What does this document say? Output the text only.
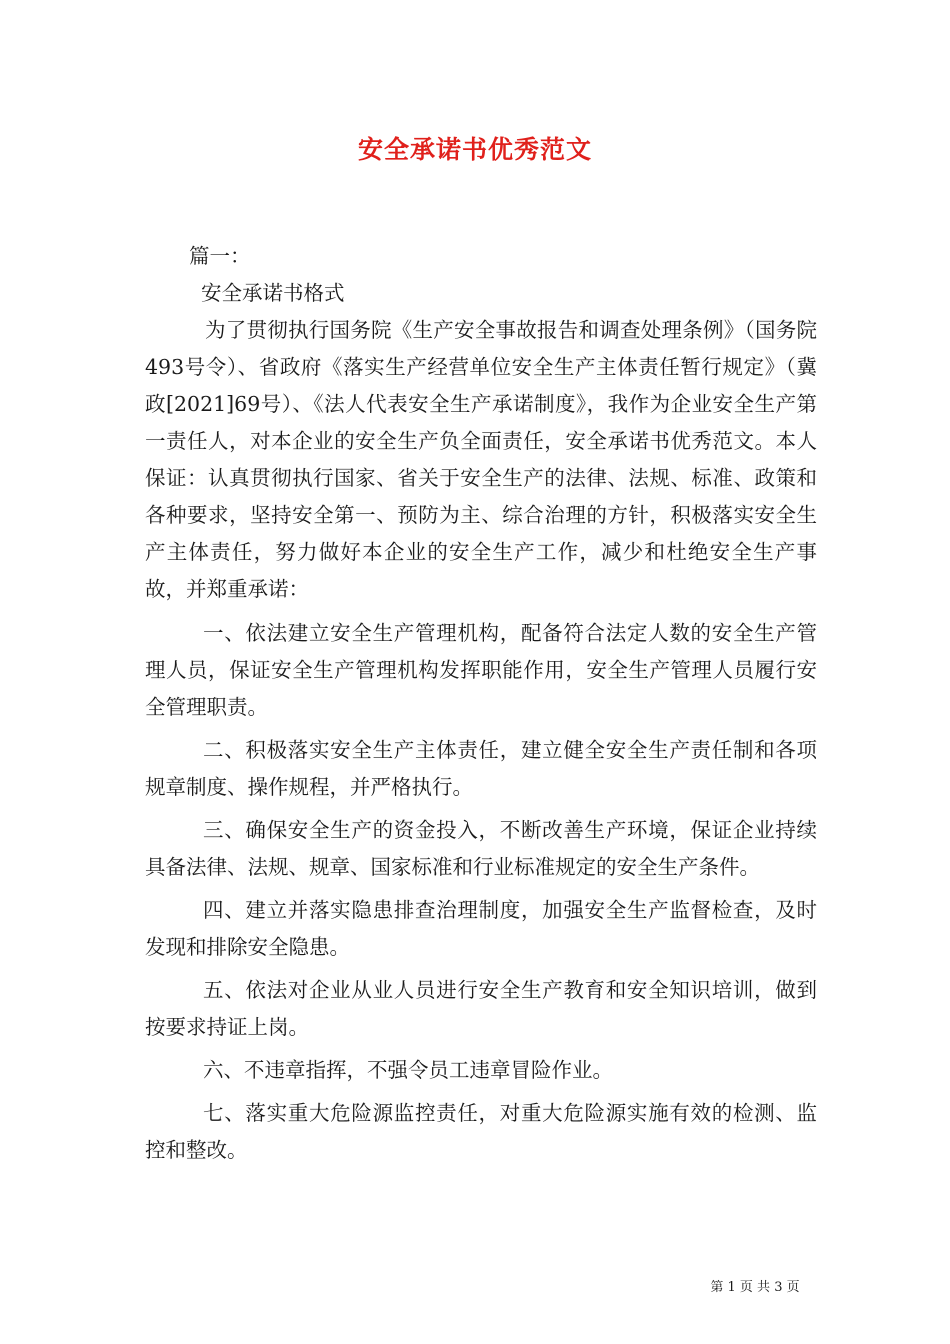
安全承诺书优秀范文

篇一：

安全承诺书格式

为了贯彻执行国务院《生产安全事故报告和调查处理条例》（国务院493号令）、省政府《落实生产经营单位安全生产主体责任暂行规定》（冀政[2021]69号）、《法人代表安全生产承诺制度》，我作为企业安全生产第一责任人，对本企业的安全生产负全面责任，安全承诺书优秀范文。本人保证：认真贯彻执行国家、省关于安全生产的法律、法规、标准、政策和各种要求，坚持安全第一、预防为主、综合治理的方针，积极落实安全生产主体责任，努力做好本企业的安全生产工作，减少和杜绝安全生产事故，并郑重承诺：

一、依法建立安全生产管理机构，配备符合法定人数的安全生产管理人员，保证安全生产管理机构发挥职能作用，安全生产管理人员履行安全管理职责。

二、积极落实安全生产主体责任，建立健全安全生产责任制和各项规章制度、操作规程，并严格执行。

三、确保安全生产的资金投入，不断改善生产环境，保证企业持续具备法律、法规、规章、国家标准和行业标准规定的安全生产条件。

四、建立并落实隐患排查治理制度，加强安全生产监督检查，及时发现和排除安全隐患。

五、依法对企业从业人员进行安全生产教育和安全知识培训，做到按要求持证上岗。

六、不违章指挥，不强令员工违章冒险作业。

七、落实重大危险源监控责任，对重大危险源实施有效的检测、监控和整改。

第 1 页 共 3 页
